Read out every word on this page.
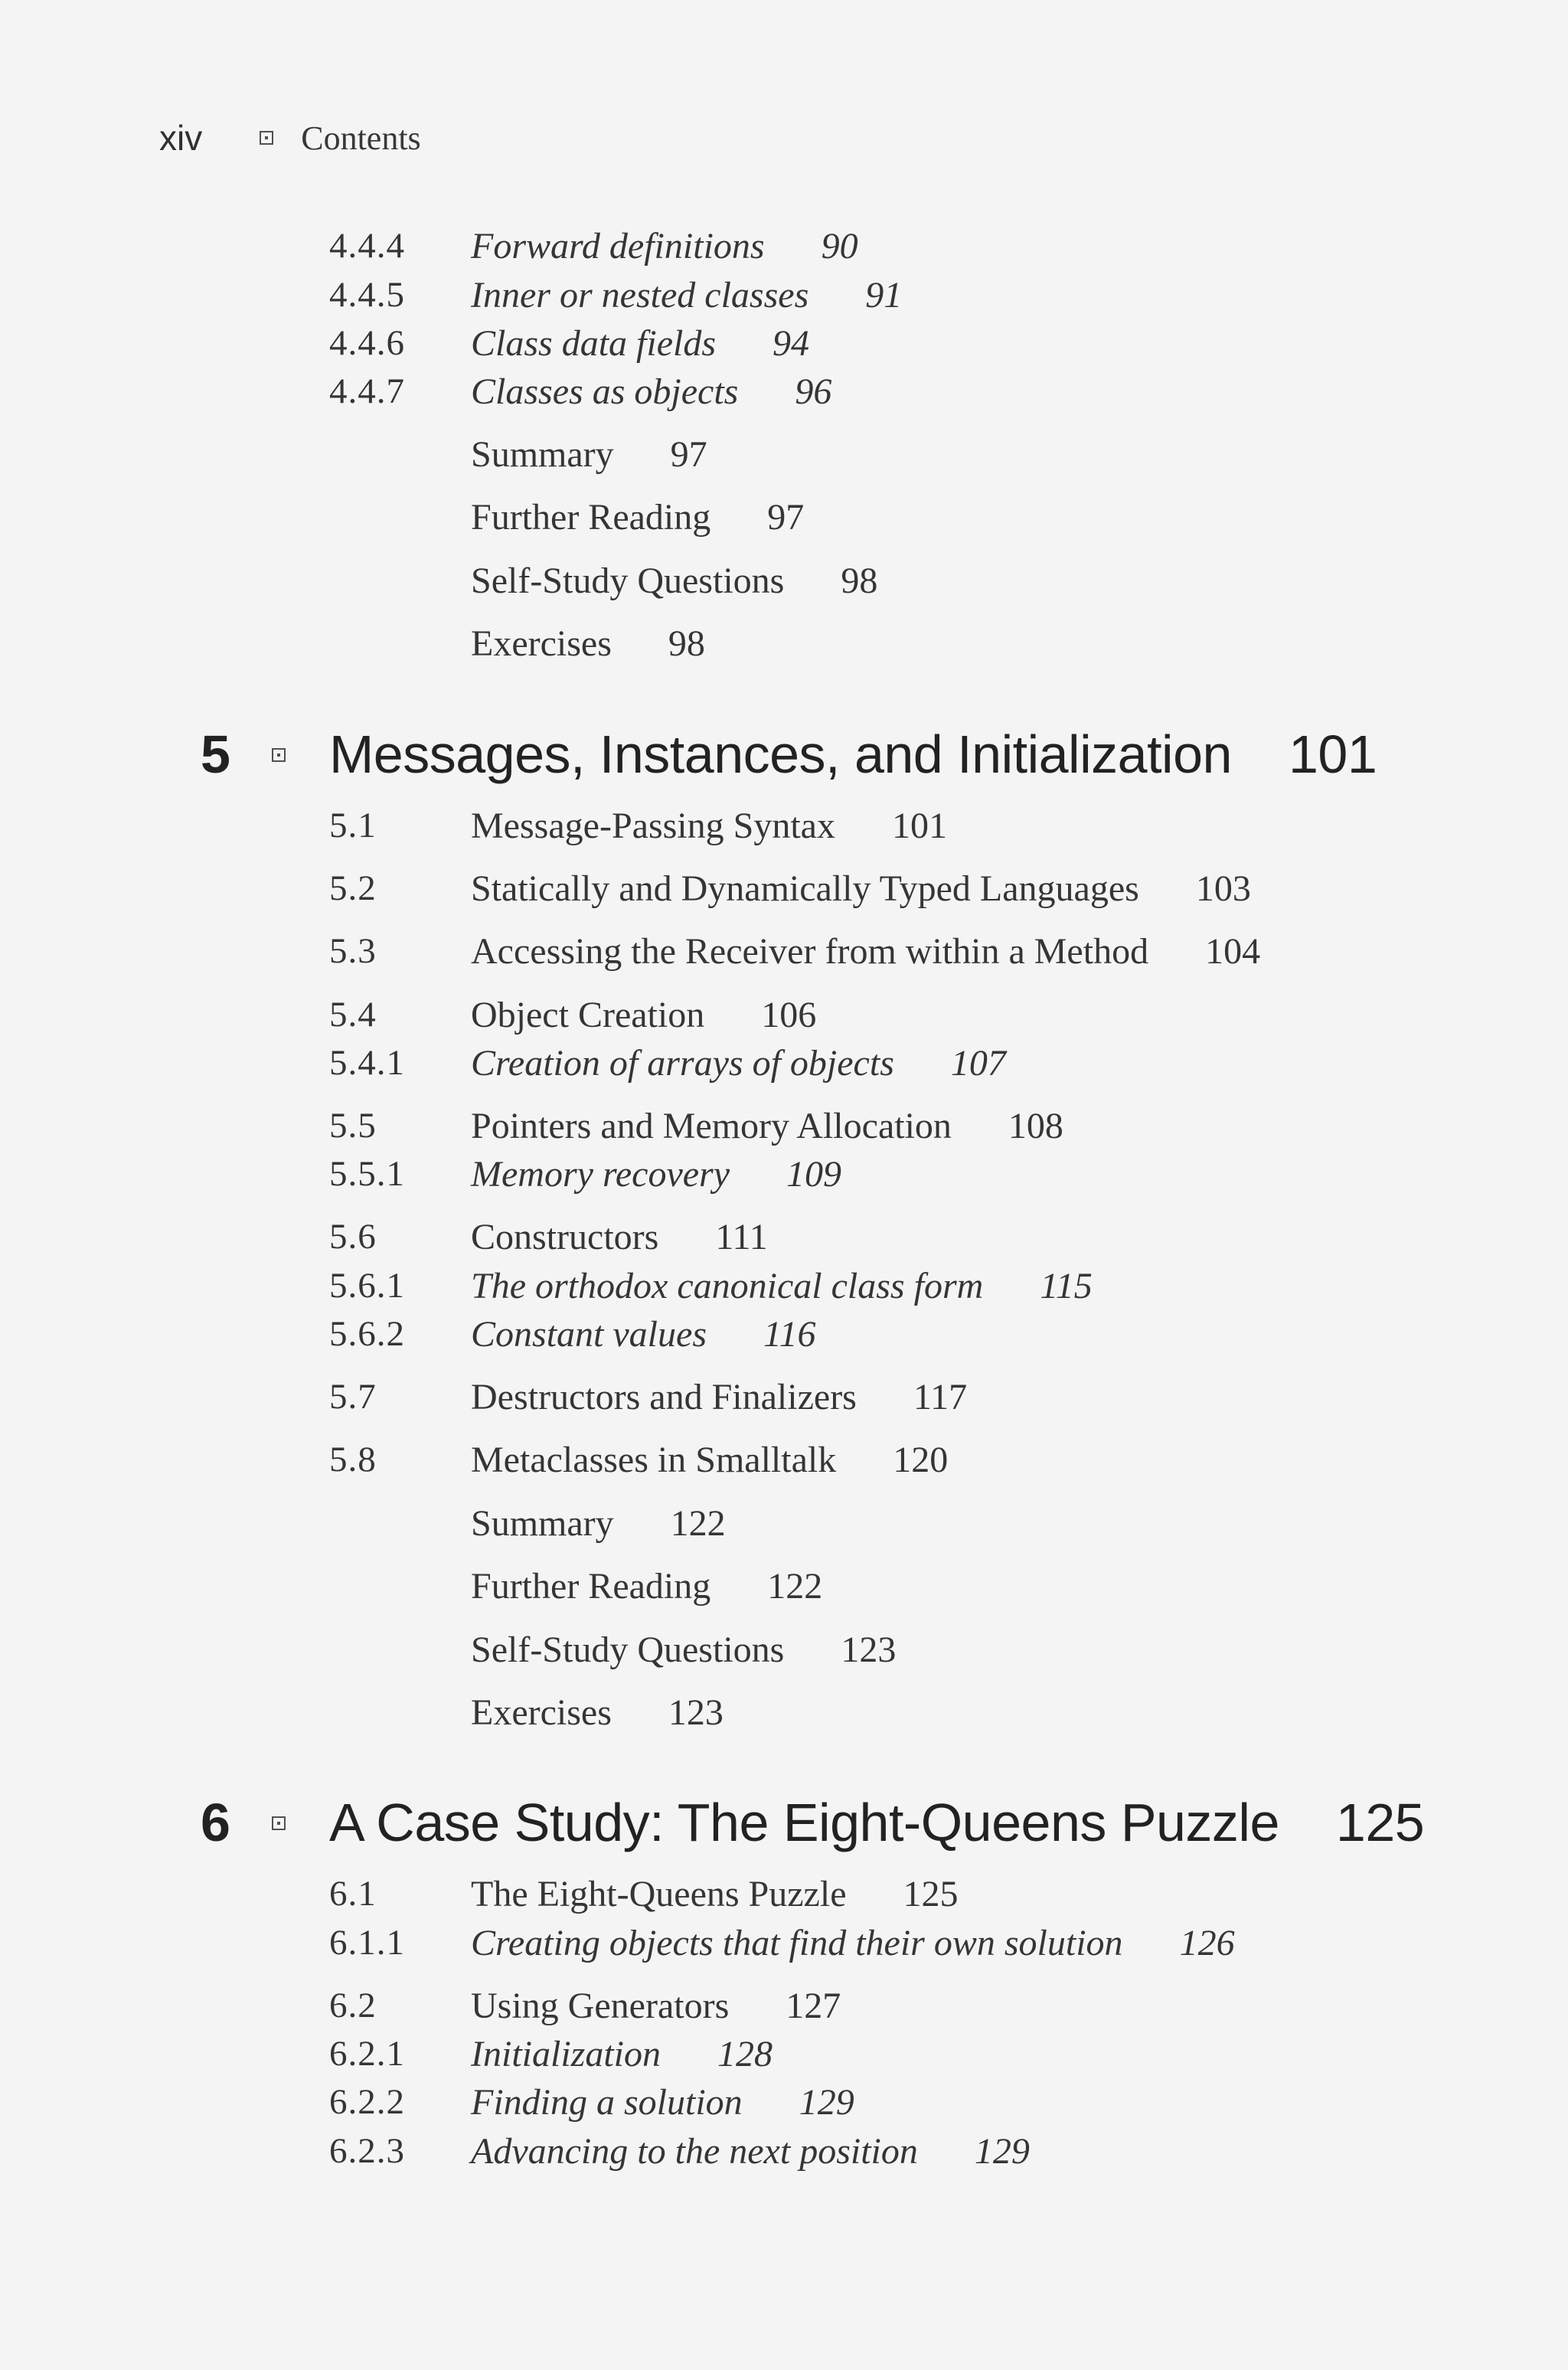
xiv	Contents
4.4.4 Forward definitions 90
4.4.5 Inner or nested classes 91
4.4.6 Class data fields 94
4.4.7 Classes as objects 96
Summary 97
Further Reading 97
Self-Study Questions 98
Exercises 98
5 Messages, Instances, and Initialization 101
5.1	Message-Passing Syntax 101
5.2	Statically and Dynamically Typed Languages 103
5.3	Accessing the Receiver from within a Method 104
5.4	Object Creation 106
5.4.1 Creation of arrays of objects 107
5.5	Pointers and Memory Allocation 108
5.5.1 Memory recovery 109
5.6	Constructors 111
5.6.1 The orthodox canonical class form 115
5.6.2 Constant values 116
5.7	Destructors and Finalizers 117
5.8	Metaclasses in Smalltalk 120
Summary 122
Further Reading 122
Self-Study Questions 123
Exercises 123
6 A Case Study: The Eight-Queens Puzzle 125
6.1	The Eight-Queens Puzzle 125
6.1.1 Creating objects that find their own solution 126
6.2	Using Generators 127
6.2.1 Initialization 128
6.2.2 Finding a solution 129
6.2.3 Advancing to the next position 129
